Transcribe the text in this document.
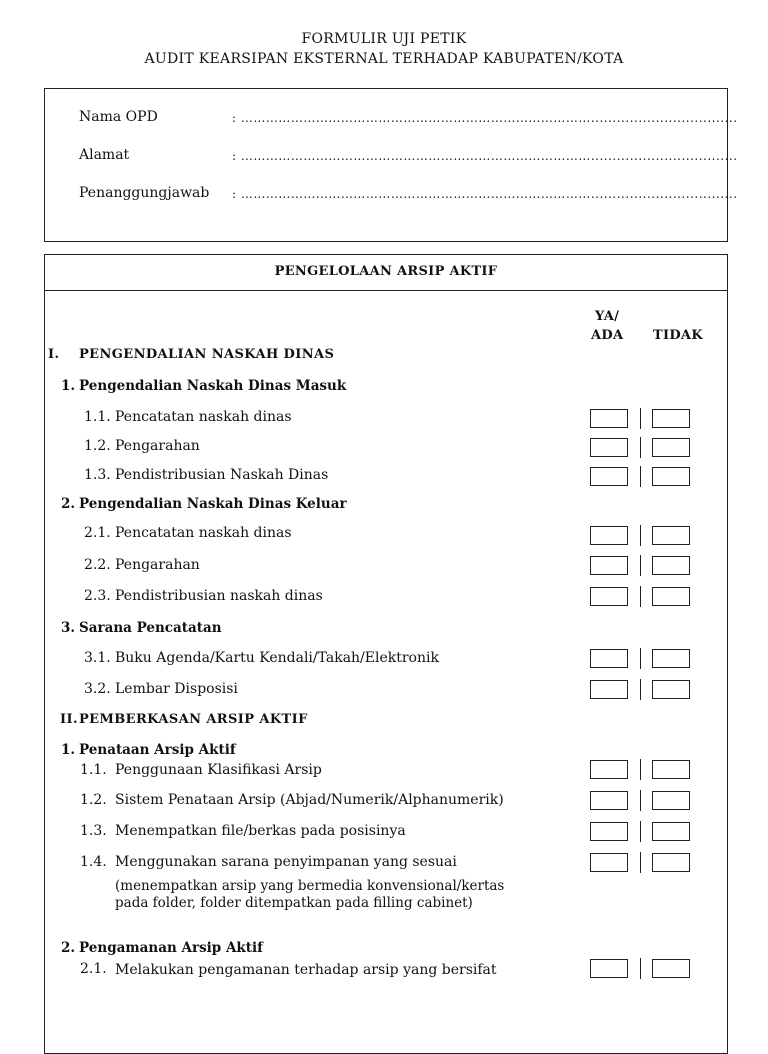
FORMULIR UJI PETIK
AUDIT KEARSIPAN EKSTERNAL TERHADAP KABUPATEN/KOTA
Nama OPD	: …………………………………………………………………………..................................
Alamat	: …………………………………………………………………………..................................
Penanggungjawab : …………………………………………………………………………..................................
PENGELOLAAN ARSIP AKTIF
YA/
ADA TIDAK
I. PENGENDALIAN NASKAH DINAS
1. Pengendalian Naskah Dinas Masuk
1.1. Pencatatan naskah dinas
1.2. Pengarahan
1.3. Pendistribusian Naskah Dinas
2. Pengendalian Naskah Dinas Keluar
2.1. Pencatatan naskah dinas
2.2. Pengarahan
2.3. Pendistribusian naskah dinas
3. Sarana Pencatatan
3.1. Buku Agenda/Kartu Kendali/Takah/Elektronik
3.2. Lembar Disposisi
II. PEMBERKASAN ARSIP AKTIF
1. Penataan Arsip Aktif
1.1. Penggunaan Klasifikasi Arsip
1.2. Sistem Penataan Arsip (Abjad/Numerik/Alphanumerik)
1.3. Menempatkan file/berkas pada posisinya
1.4. Menggunakan sarana penyimpanan yang sesuai
(menempatkan arsip yang bermedia konvensional/kertas pada folder, folder ditempatkan pada filling cabinet)
2. Pengamanan Arsip Aktif
2.1. Melakukan pengamanan terhadap arsip yang bersifat
